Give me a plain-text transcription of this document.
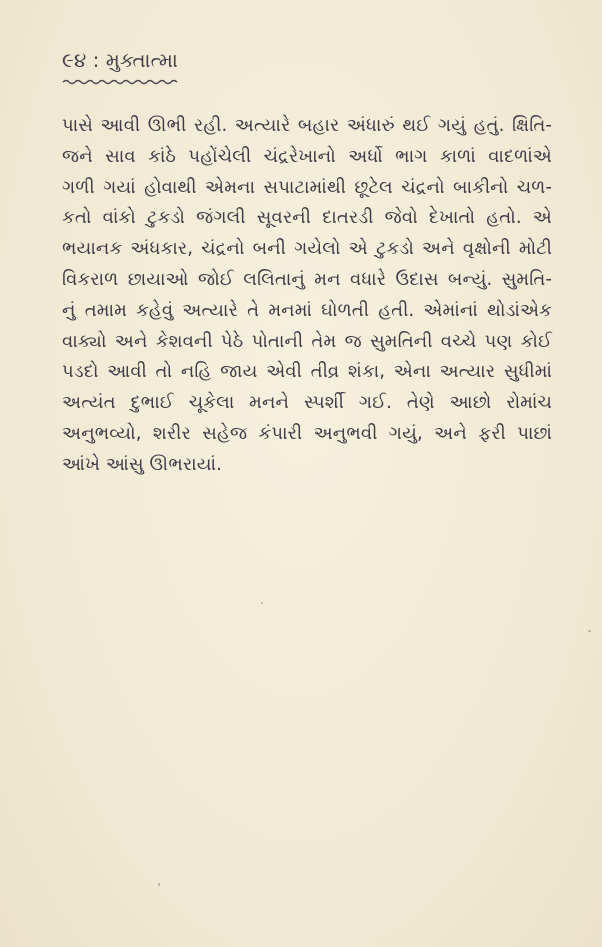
૯૪ : મુક્તાત્મા
પાસે આવી ઊભી રહી. અત્યારે બહાર અંધારું થઈ ગયું હતું. ક્ષિતિ-
જને સાવ કાંઠે પહોંચેલી ચંદ્રરેખાનો અર્ધો ભાગ કાળાં વાદળાંએ
ગળી ગયાં હોવાથી એમના સપાટામાંથી છૂટેલ ચંદ્રનો બાકીનો ચળ-
કતો વાંકો ટુકડો જંગલી સૂવરની દાતરડી જેવો દેખાતો હતો. એ
ભયાનક અંધકાર, ચંદ્રનો બની ગયેલો એ ટુકડો અને વૃક્ષોની મોટી
વિકરાળ છાયાઓ જોઈ લલિતાનું મન વધારે ઉદાસ બન્યું. સુમતિ-
નું તમામ કહેવું અત્યારે તે મનમાં ઘોળતી હતી. એમાંનાં થોડાંએક
વાક્યો અને કેશવની પેઠે પોતાની તેમ જ સુમતિની વચ્ચે પણ કોઈ
પડદો આવી તો નહિ જાય એવી તીવ્ર શંકા, એના અત્યાર સુધીમાં
અત્યંત દુભાઈ ચૂકેલા મનને સ્પર્શી ગઈ. તેણે આછો રોમાંચ
અનુભવ્યો, શરીર સહેજ કંપારી અનુભવી ગયું, અને ફરી પાછાં
આંખે આંસુ ઊભરાયાં.
